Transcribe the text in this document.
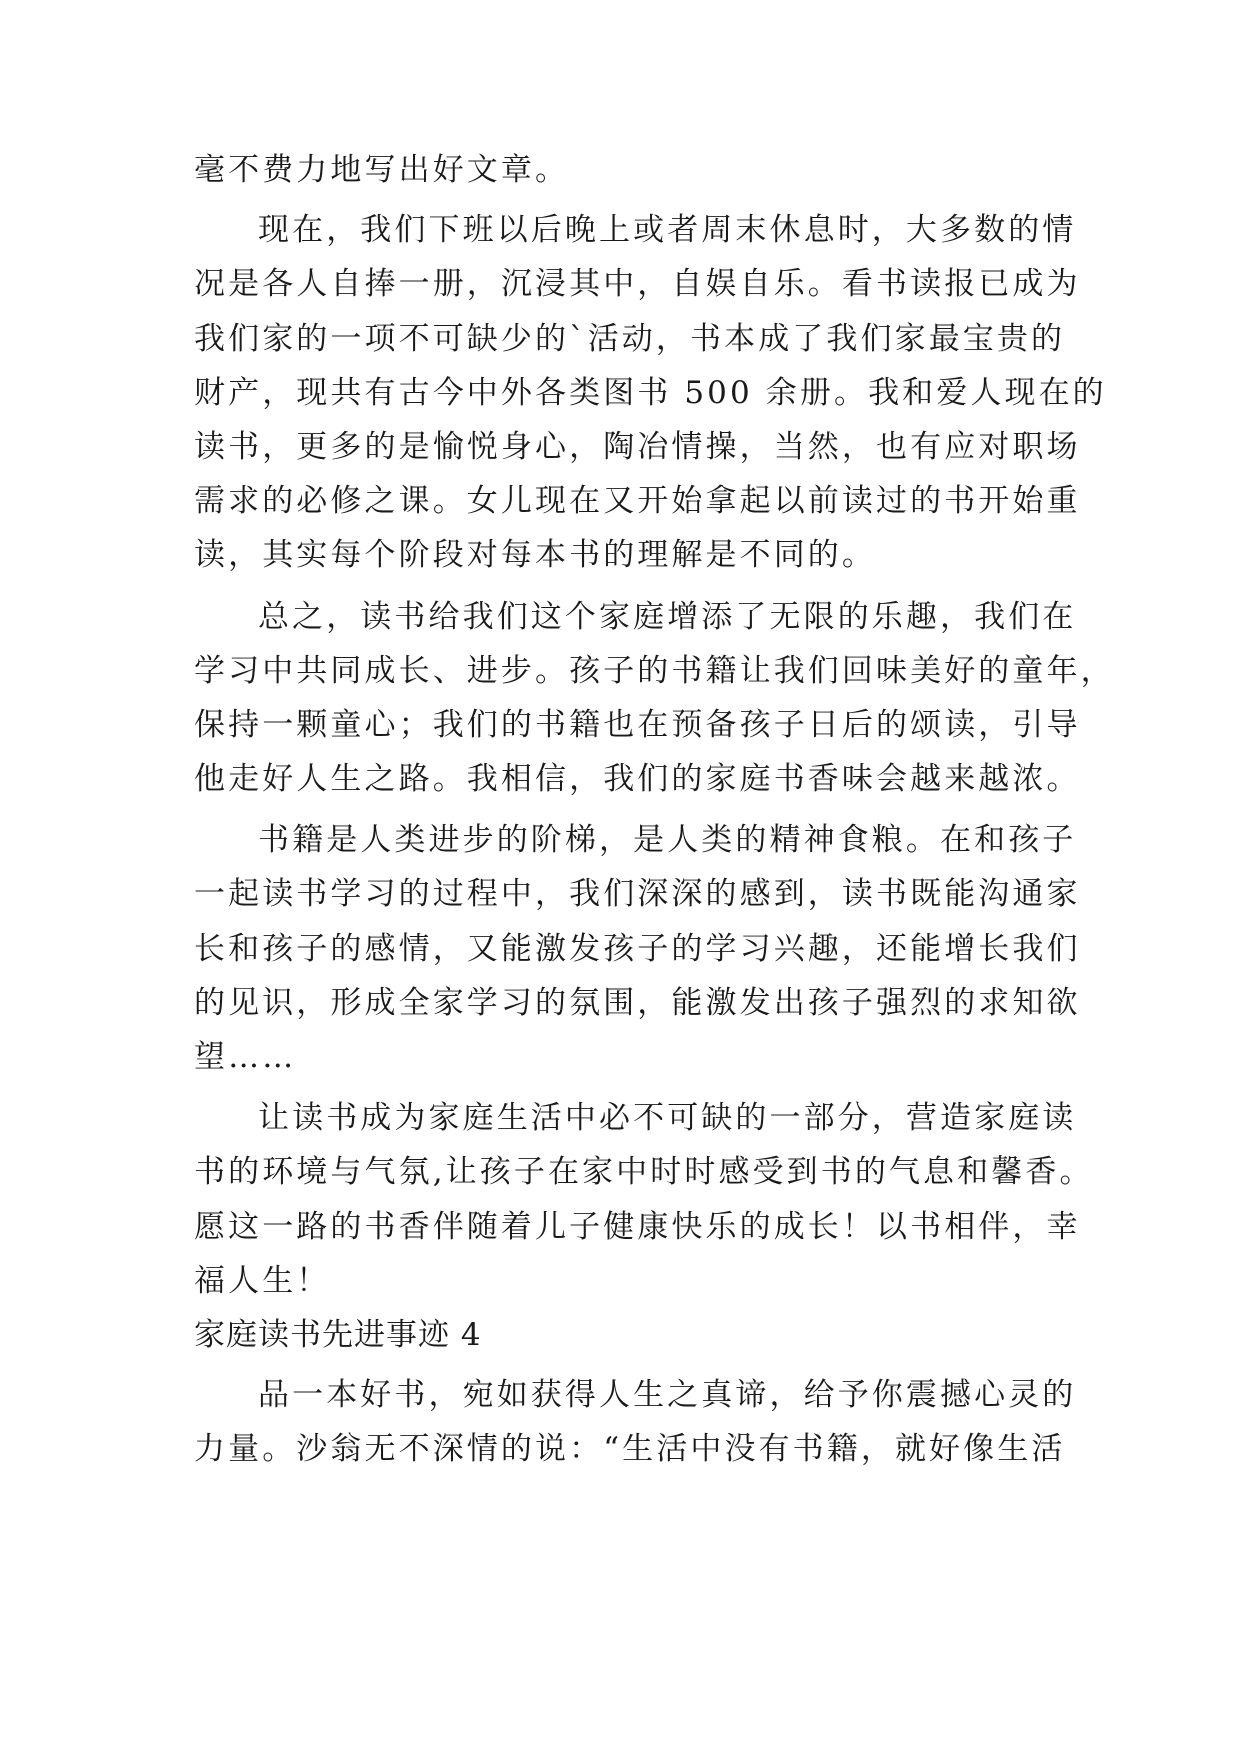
毫不费力地写出好文章。
现在，我们下班以后晚上或者周末休息时，大多数的情
况是各人自捧一册，沉浸其中，自娱自乐。看书读报已成为
我们家的一项不可缺少的`活动，书本成了我们家最宝贵的
财产，现共有古今中外各类图书 500 余册。我和爱人现在的
读书，更多的是愉悦身心，陶冶情操，当然，也有应对职场
需求的必修之课。女儿现在又开始拿起以前读过的书开始重
读，其实每个阶段对每本书的理解是不同的。
总之，读书给我们这个家庭增添了无限的乐趣，我们在
学习中共同成长、进步。孩子的书籍让我们回味美好的童年，
保持一颗童心；我们的书籍也在预备孩子日后的颂读，引导
他走好人生之路。我相信，我们的家庭书香味会越来越浓。
书籍是人类进步的阶梯，是人类的精神食粮。在和孩子
一起读书学习的过程中，我们深深的感到，读书既能沟通家
长和孩子的感情，又能激发孩子的学习兴趣，还能增长我们
的见识，形成全家学习的氛围，能激发出孩子强烈的求知欲
望……
让读书成为家庭生活中必不可缺的一部分，营造家庭读
书的环境与气氛,让孩子在家中时时感受到书的气息和馨香。
愿这一路的书香伴随着儿子健康快乐的成长！以书相伴，幸
福人生！
家庭读书先进事迹 4
品一本好书，宛如获得人生之真谛，给予你震撼心灵的
力量。沙翁无不深情的说：“生活中没有书籍，就好像生活
